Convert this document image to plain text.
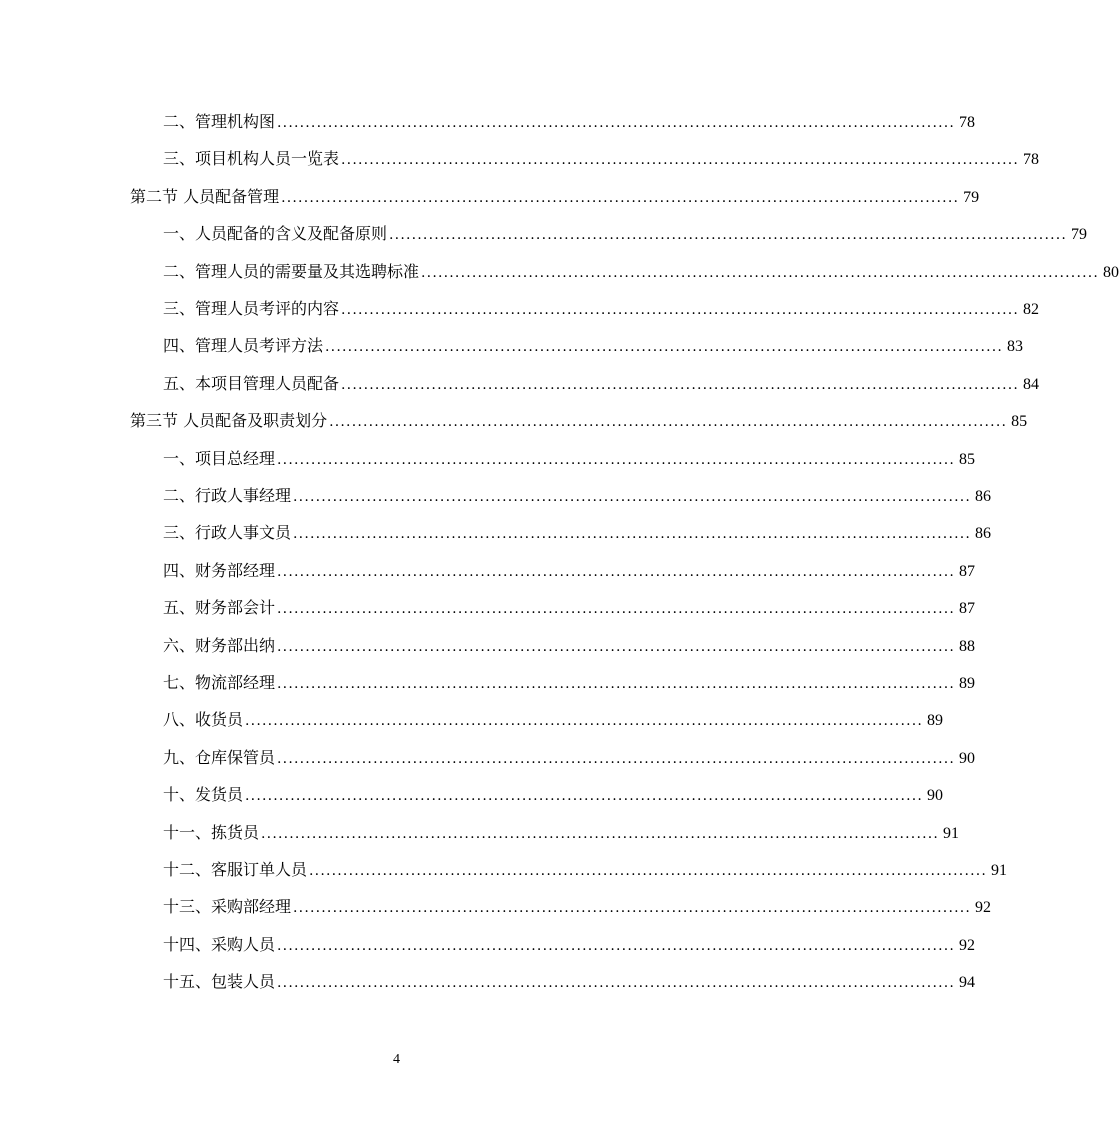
二、管理机构图 ........................................................................................................................ 78
三、项目机构人员一览表 ........................................................................................................................ 78
第二节 人员配备管理 ........................................................................................................................ 79
一、人员配备的含义及配备原则 ........................................................................................................................ 79
二、管理人员的需要量及其选聘标准 ........................................................................................................................ 80
三、管理人员考评的内容 ........................................................................................................................ 82
四、管理人员考评方法 ........................................................................................................................ 83
五、本项目管理人员配备 ........................................................................................................................ 84
第三节 人员配备及职责划分 ........................................................................................................................ 85
一、项目总经理 ........................................................................................................................ 85
二、行政人事经理 ........................................................................................................................ 86
三、行政人事文员 ........................................................................................................................ 86
四、财务部经理 ........................................................................................................................ 87
五、财务部会计 ........................................................................................................................ 87
六、财务部出纳 ........................................................................................................................ 88
七、物流部经理 ........................................................................................................................ 89
八、收货员 ........................................................................................................................ 89
九、仓库保管员 ........................................................................................................................ 90
十、发货员 ........................................................................................................................ 90
十一、拣货员 ........................................................................................................................ 91
十二、客服订单人员 ........................................................................................................................ 91
十三、采购部经理 ........................................................................................................................ 92
十四、采购人员 ........................................................................................................................ 92
十五、包装人员 ........................................................................................................................ 94
4
